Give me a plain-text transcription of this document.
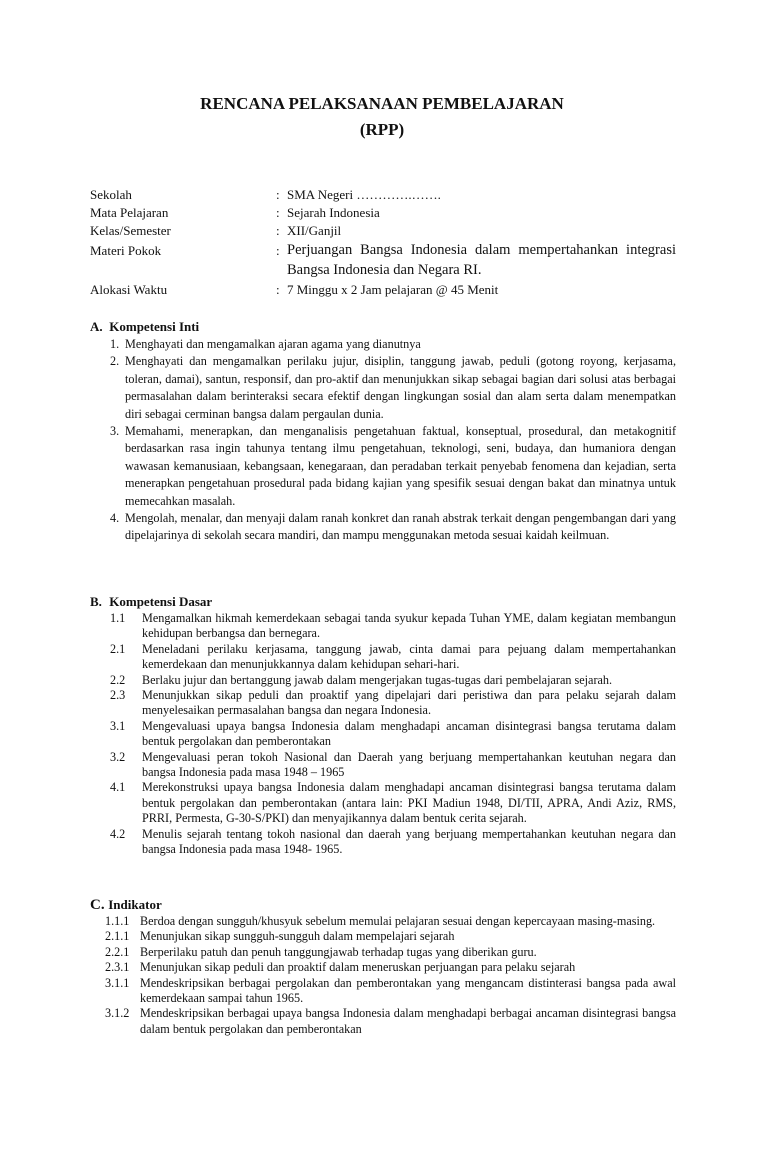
RENCANA PELAKSANAAN PEMBELAJARAN
(RPP)
Sekolah	: SMA Negeri ………….…….
Mata Pelajaran	: Sejarah Indonesia
Kelas/Semester	: XII/Ganjil
Materi Pokok	: Perjuangan Bangsa Indonesia dalam mempertahankan integrasi Bangsa Indonesia dan Negara RI.
Alokasi Waktu	: 7 Minggu x 2 Jam pelajaran @ 45 Menit
A. Kompetensi Inti
1. Menghayati dan mengamalkan ajaran agama yang dianutnya
2. Menghayati dan mengamalkan perilaku jujur, disiplin, tanggung jawab, peduli (gotong royong, kerjasama, toleran, damai), santun, responsif, dan pro-aktif dan menunjukkan sikap sebagai bagian dari solusi atas berbagai permasalahan dalam berinteraksi secara efektif dengan lingkungan sosial dan alam serta dalam menempatkan diri sebagai cerminan bangsa dalam pergaulan dunia.
3. Memahami, menerapkan, dan menganalisis pengetahuan faktual, konseptual, prosedural, dan metakognitif berdasarkan rasa ingin tahunya tentang ilmu pengetahuan, teknologi, seni, budaya, dan humaniora dengan wawasan kemanusiaan, kebangsaan, kenegaraan, dan peradaban terkait penyebab fenomena dan kejadian, serta menerapkan pengetahuan prosedural pada bidang kajian yang spesifik sesuai dengan bakat dan minatnya untuk memecahkan masalah.
4. Mengolah, menalar, dan menyaji dalam ranah konkret dan ranah abstrak terkait dengan pengembangan dari yang dipelajarinya di sekolah secara mandiri, dan mampu menggunakan metoda sesuai kaidah keilmuan.
B. Kompetensi Dasar
1.1	Mengamalkan hikmah kemerdekaan sebagai tanda syukur kepada Tuhan YME, dalam kegiatan membangun kehidupan berbangsa dan bernegara.
2.1	Meneladani perilaku kerjasama, tanggung jawab, cinta damai para pejuang dalam mempertahankan kemerdekaan dan menunjukkannya dalam kehidupan sehari-hari.
2.2	Berlaku jujur dan bertanggung jawab dalam mengerjakan tugas-tugas dari pembelajaran sejarah.
2.3	Menunjukkan sikap peduli dan proaktif yang dipelajari dari peristiwa dan para pelaku sejarah dalam menyelesaikan permasalahan bangsa dan negara Indonesia.
3.1	Mengevaluasi upaya bangsa Indonesia dalam menghadapi ancaman disintegrasi bangsa terutama dalam bentuk pergolakan dan pemberontakan
3.2	Mengevaluasi peran tokoh Nasional dan Daerah yang berjuang mempertahankan keutuhan negara dan bangsa Indonesia pada masa 1948 – 1965
4.1	Merekonstruksi upaya bangsa Indonesia dalam menghadapi ancaman disintegrasi bangsa terutama dalam bentuk pergolakan dan pemberontakan (antara lain: PKI Madiun 1948, DI/TII, APRA, Andi Aziz, RMS, PRRI, Permesta, G-30-S/PKI) dan menyajikannya dalam bentuk cerita sejarah.
4.2	Menulis sejarah tentang tokoh nasional dan daerah yang berjuang mempertahankan keutuhan negara dan bangsa Indonesia pada masa 1948- 1965.
C. Indikator
1.1.1 Berdoa dengan sungguh/khusyuk sebelum memulai pelajaran sesuai dengan kepercayaan masing-masing.
2.1.1 Menunjukan sikap sungguh-sungguh dalam mempelajari sejarah
2.2.1 Berperilaku patuh dan penuh tanggungjawab terhadap tugas yang diberikan guru.
2.3.1 Menunjukan sikap peduli dan proaktif dalam meneruskan perjuangan para pelaku sejarah
3.1.1 Mendeskripsikan berbagai pergolakan dan pemberontakan yang mengancam distinterasi bangsa pada awal kemerdekaan sampai tahun 1965.
3.1.2 Mendeskripsikan berbagai upaya bangsa Indonesia dalam menghadapi berbagai ancaman disintegrasi bangsa dalam bentuk pergolakan dan pemberontakan
